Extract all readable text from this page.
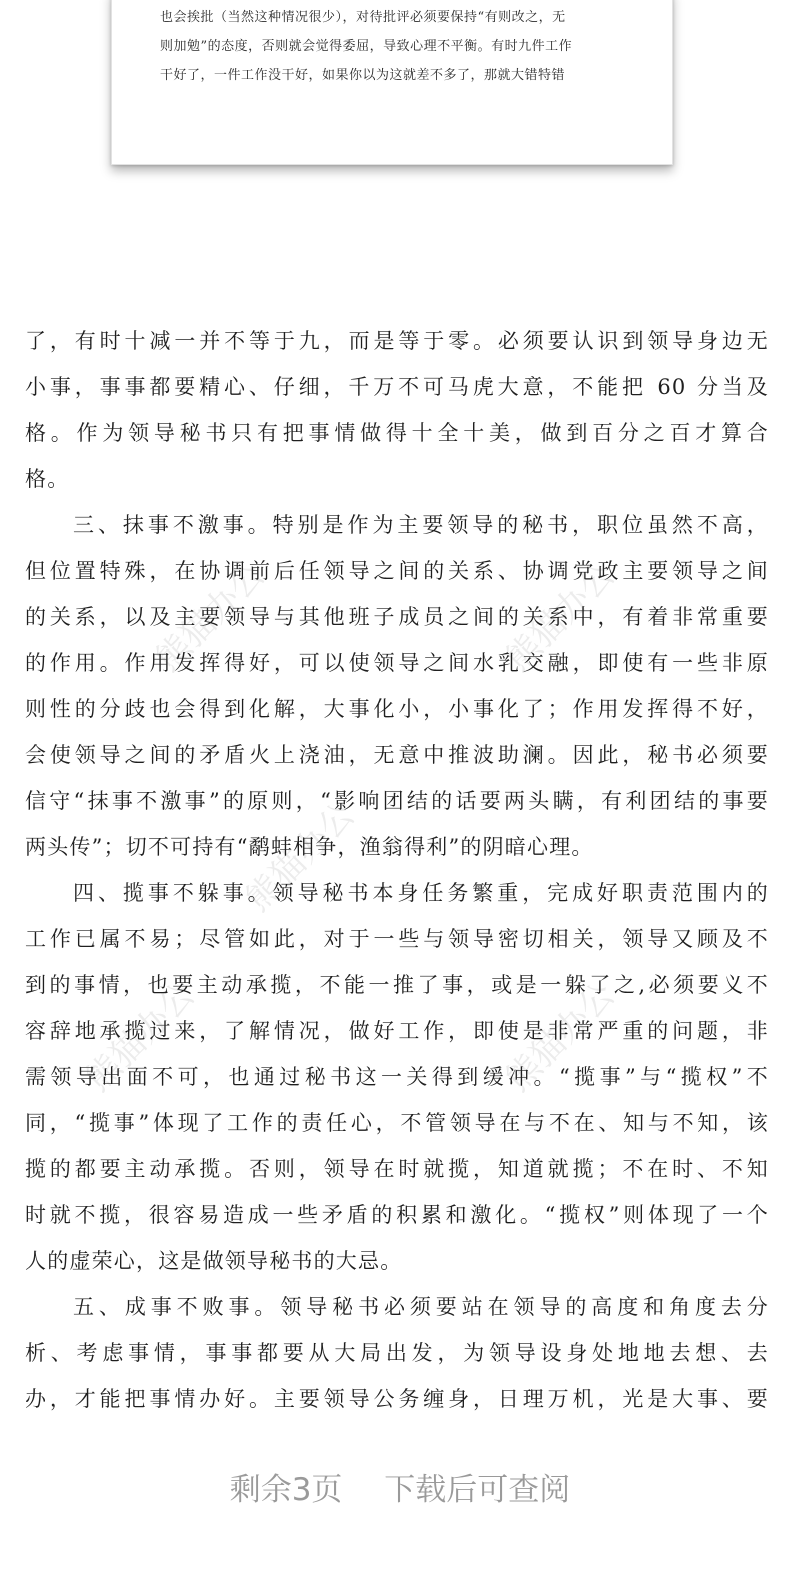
也会挨批（当然这种情况很少），对待批评必须要保持“有则改之，无

则加勉”的态度，否则就会觉得委屈，导致心理不平衡。有时九件工作

干好了，一件工作没干好，如果你以为这就差不多了，那就大错特错

熊猫办公	熊猫办公
熊猫办公
熊猫办公	熊猫办公

了，有时十减一并不等于九，而是等于零。必须要认识到领导身边无

小事，事事都要精心、仔细，千万不可马虎大意，不能把 60 分当及

格。作为领导秘书只有把事情做得十全十美，做到百分之百才算合

格。

三、抹事不激事。特别是作为主要领导的秘书，职位虽然不高，

但位置特殊，在协调前后任领导之间的关系、协调党政主要领导之间

的关系，以及主要领导与其他班子成员之间的关系中，有着非常重要

的作用。作用发挥得好，可以使领导之间水乳交融，即使有一些非原

则性的分歧也会得到化解，大事化小，小事化了；作用发挥得不好，

会使领导之间的矛盾火上浇油，无意中推波助澜。因此，秘书必须要

信守“抹事不激事”的原则，“影响团结的话要两头瞒，有利团结的事要

两头传”；切不可持有“鹬蚌相争，渔翁得利”的阴暗心理。

四、揽事不躲事。领导秘书本身任务繁重，完成好职责范围内的

工作已属不易；尽管如此，对于一些与领导密切相关，领导又顾及不

到的事情，也要主动承揽，不能一推了事，或是一躲了之,必须要义不

容辞地承揽过来，了解情况，做好工作，即使是非常严重的问题，非

需领导出面不可，也通过秘书这一关得到缓冲。“揽事”与“揽权”不

同，“揽事”体现了工作的责任心，不管领导在与不在、知与不知，该

揽的都要主动承揽。否则，领导在时就揽，知道就揽；不在时、不知

时就不揽，很容易造成一些矛盾的积累和激化。“揽权”则体现了一个

人的虚荣心，这是做领导秘书的大忌。

五、成事不败事。领导秘书必须要站在领导的高度和角度去分

析、考虑事情，事事都要从大局出发，为领导设身处地地去想、去

办，才能把事情办好。主要领导公务缠身，日理万机，光是大事、要

剩余3页 下载后可查阅
